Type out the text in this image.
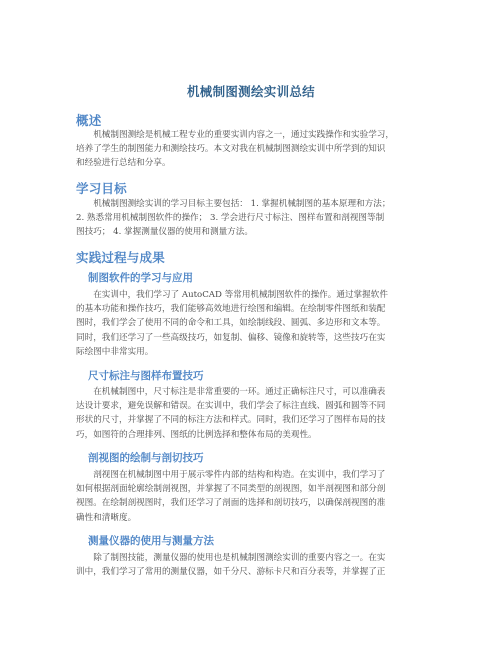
机械制图测绘实训总结
概述

　　机械制图测绘是机械工程专业的重要实训内容之一，通过实践操作和实验学习，
培养了学生的制图能力和测绘技巧。本文对我在机械制图测绘实训中所学到的知识
和经验进行总结和分享。

学习目标

　　机械制图测绘实训的学习目标主要包括： 1. 掌握机械制图的基本原理和方法；
2. 熟悉常用机械制图软件的操作； 3. 学会进行尺寸标注、图样布置和剖视图等制
图技巧； 4. 掌握测量仪器的使用和测量方法。

实践过程与成果
制图软件的学习与应用

　　在实训中，我们学习了 AutoCAD 等常用机械制图软件的操作。通过掌握软件
的基本功能和操作技巧，我们能够高效地进行绘图和编辑。在绘制零件图纸和装配
图时，我们学会了使用不同的命令和工具，如绘制线段、圆弧、多边形和文本等。
同时，我们还学习了一些高级技巧，如复制、偏移、镜像和旋转等，这些技巧在实
际绘图中非常实用。

尺寸标注与图样布置技巧

　　在机械制图中，尺寸标注是非常重要的一环。通过正确标注尺寸，可以准确表
达设计要求，避免误解和错误。在实训中，我们学会了标注直线、圆弧和圆等不同
形状的尺寸，并掌握了不同的标注方法和样式。同时，我们还学习了图样布局的技
巧，如图符的合理排列、图纸的比例选择和整体布局的美观性。

剖视图的绘制与剖切技巧

　　剖视图在机械制图中用于展示零件内部的结构和构造。在实训中，我们学习了
如何根据剖面轮廓绘制剖视图，并掌握了不同类型的剖视图，如半剖视图和部分剖
视图。在绘制剖视图时，我们还学习了剖面的选择和剖切技巧，以确保剖视图的准
确性和清晰度。

测量仪器的使用与测量方法

　　除了制图技能，测量仪器的使用也是机械制图测绘实训的重要内容之一。在实
训中，我们学习了常用的测量仪器，如千分尺、游标卡尺和百分表等，并掌握了正
